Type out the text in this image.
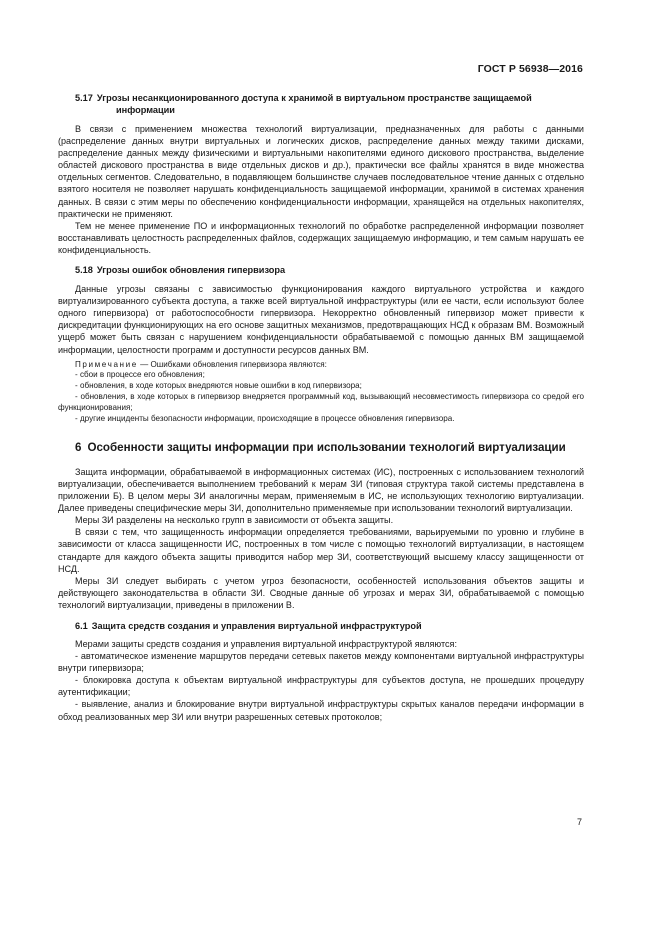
ГОСТ Р 56938—2016
5.17 Угрозы несанкционированного доступа к хранимой в виртуальном пространстве защищаемой информации

В связи с применением множества технологий виртуализации, предназначенных для работы с данными (распределение данных внутри виртуальных и логических дисков, распределение данных между такими дисками, распределение данных между физическими и виртуальными накопителями единого дискового пространства, выделение областей дискового пространства в виде отдельных дисков и др.), практически все файлы хранятся в виде множества отдельных сегментов. Следовательно, в подавляющем большинстве случаев последовательное чтение данных с отдельно взятого носителя не позволяет нарушать конфиденциальность защищаемой информации, хранимой в системах хранения данных. В связи с этим меры по обеспечению конфиденциальности информации, хранящейся на отдельных накопителях, практически не применяют.

Тем не менее применение ПО и информационных технологий по обработке распределенной информации позволяет восстанавливать целостность распределенных файлов, содержащих защищаемую информацию, и тем самым нарушать ее конфиденциальность.

5.18 Угрозы ошибок обновления гипервизора

Данные угрозы связаны с зависимостью функционирования каждого виртуального устройства и каждого виртуализированного субъекта доступа, а также всей виртуальной инфраструктуры (или ее части, если используют более одного гипервизора) от работоспособности гипервизора. Некорректно обновленный гипервизор может привести к дискредитации функционирующих на его основе защитных механизмов, предотвращающих НСД к образам ВМ. Возможный ущерб может быть связан с нарушением конфиденциальности обрабатываемой с помощью данных ВМ защищаемой информации, целостности программ и доступности ресурсов данных ВМ.

Примечание — Ошибками обновления гипервизора являются:

- сбои в процессе его обновления;

- обновления, в ходе которых внедряются новые ошибки в код гипервизора;

- обновления, в ходе которых в гипервизор внедряется программный код, вызывающий несовместимость гипервизора со средой его функционирования;

- другие инциденты безопасности информации, происходящие в процессе обновления гипервизора.

6 Особенности защиты информации при использовании технологий виртуализации

Защита информации, обрабатываемой в информационных системах (ИС), построенных с использованием технологий виртуализации, обеспечивается выполнением требований к мерам ЗИ (типовая структура такой системы представлена в приложении Б). В целом меры ЗИ аналогичны мерам, применяемым в ИС, не использующих технологию виртуализации. Далее приведены специфические меры ЗИ, дополнительно применяемые при использовании технологий виртуализации.

Меры ЗИ разделены на несколько групп в зависимости от объекта защиты.

В связи с тем, что защищенность информации определяется требованиями, варьируемыми по уровню и глубине в зависимости от класса защищенности ИС, построенных в том числе с помощью технологий виртуализации, в настоящем стандарте для каждого объекта защиты приводится набор мер ЗИ, соответствующий высшему классу защищенности от НСД.

Меры ЗИ следует выбирать с учетом угроз безопасности, особенностей использования объектов защиты и действующего законодательства в области ЗИ. Сводные данные об угрозах и мерах ЗИ, обрабатываемой с помощью технологий виртуализации, приведены в приложении В.

6.1 Защита средств создания и управления виртуальной инфраструктурой

Мерами защиты средств создания и управления виртуальной инфраструктурой являются:

- автоматическое изменение маршрутов передачи сетевых пакетов между компонентами виртуальной инфраструктуры внутри гипервизора;

- блокировка доступа к объектам виртуальной инфраструктуры для субъектов доступа, не прошедших процедуру аутентификации;

- выявление, анализ и блокирование внутри виртуальной инфраструктуры скрытых каналов передачи информации в обход реализованных мер ЗИ или внутри разрешенных сетевых протоколов;

7
